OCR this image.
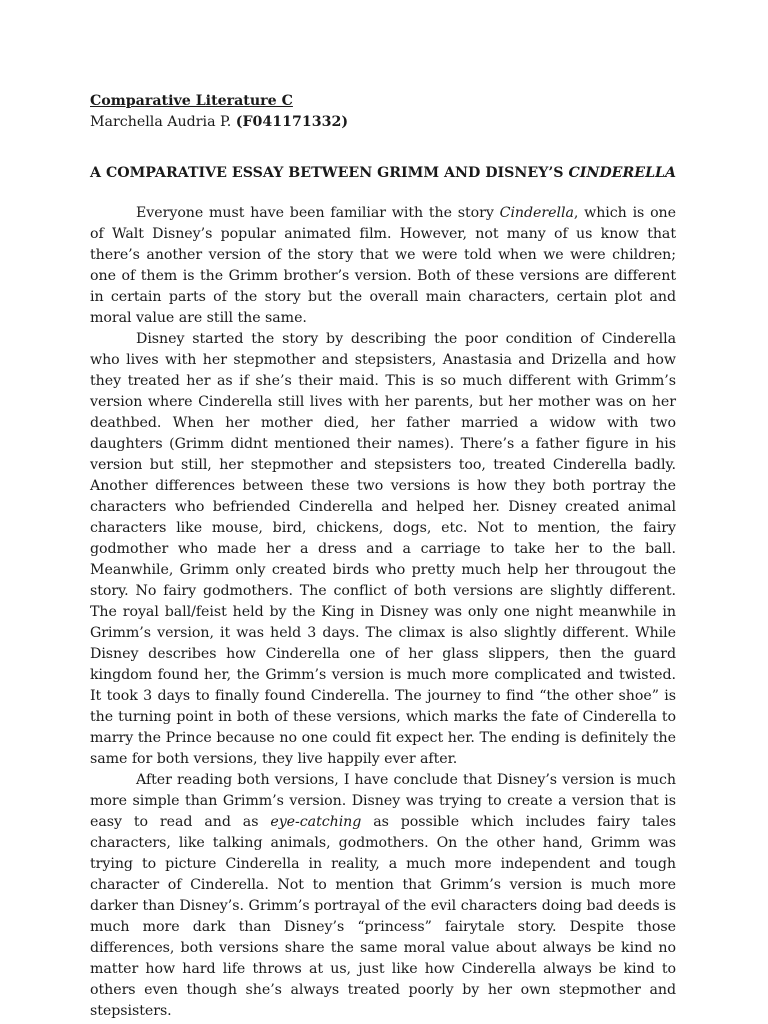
Comparative Literature C

Marchella Audria P. (F041171332)

A COMPARATIVE ESSAY BETWEEN GRIMM AND DISNEY’S CINDERELLA

Everyone must have been familiar with the story Cinderella, which is one of Walt Disney’s popular animated film. However, not many of us know that there’s another version of the story that we were told when we were children; one of them is the Grimm brother’s version. Both of these versions are different in certain parts of the story but the overall main characters, certain plot and moral value are still the same.

Disney started the story by describing the poor condition of Cinderella who lives with her stepmother and stepsisters, Anastasia and Drizella and how they treated her as if she’s their maid. This is so much different with Grimm’s version where Cinderella still lives with her parents, but her mother was on her deathbed. When her mother died, her father married a widow with two daughters (Grimm didnt mentioned their names). There’s a father figure in his version but still, her stepmother and stepsisters too, treated Cinderella badly. Another differences between these two versions is how they both portray the characters who befriended Cinderella and helped her. Disney created animal characters like mouse, bird, chickens, dogs, etc. Not to mention, the fairy godmother who made her a dress and a carriage to take her to the ball. Meanwhile, Grimm only created birds who pretty much help her througout the story. No fairy godmothers. The conflict of both versions are slightly different. The royal ball/feist held by the King in Disney was only one night meanwhile in Grimm’s version, it was held 3 days. The climax is also slightly different. While Disney describes how Cinderella one of her glass slippers, then the guard kingdom found her, the Grimm’s version is much more complicated and twisted. It took 3 days to finally found Cinderella. The journey to find “the other shoe” is the turning point in both of these versions, which marks the fate of Cinderella to marry the Prince because no one could fit expect her. The ending is definitely the same for both versions, they live happily ever after.

After reading both versions, I have conclude that Disney’s version is much more simple than Grimm’s version. Disney was trying to create a version that is easy to read and as eye-catching as possible which includes fairy tales characters, like talking animals, godmothers. On the other hand, Grimm was trying to picture Cinderella in reality, a much more independent and tough character of Cinderella. Not to mention that Grimm’s version is much more darker than Disney’s. Grimm’s portrayal of the evil characters doing bad deeds is much more dark than Disney’s “princess” fairytale story. Despite those differences, both versions share the same moral value about always be kind no matter how hard life throws at us, just like how Cinderella always be kind to others even though she’s always treated poorly by her own stepmother and stepsisters.
